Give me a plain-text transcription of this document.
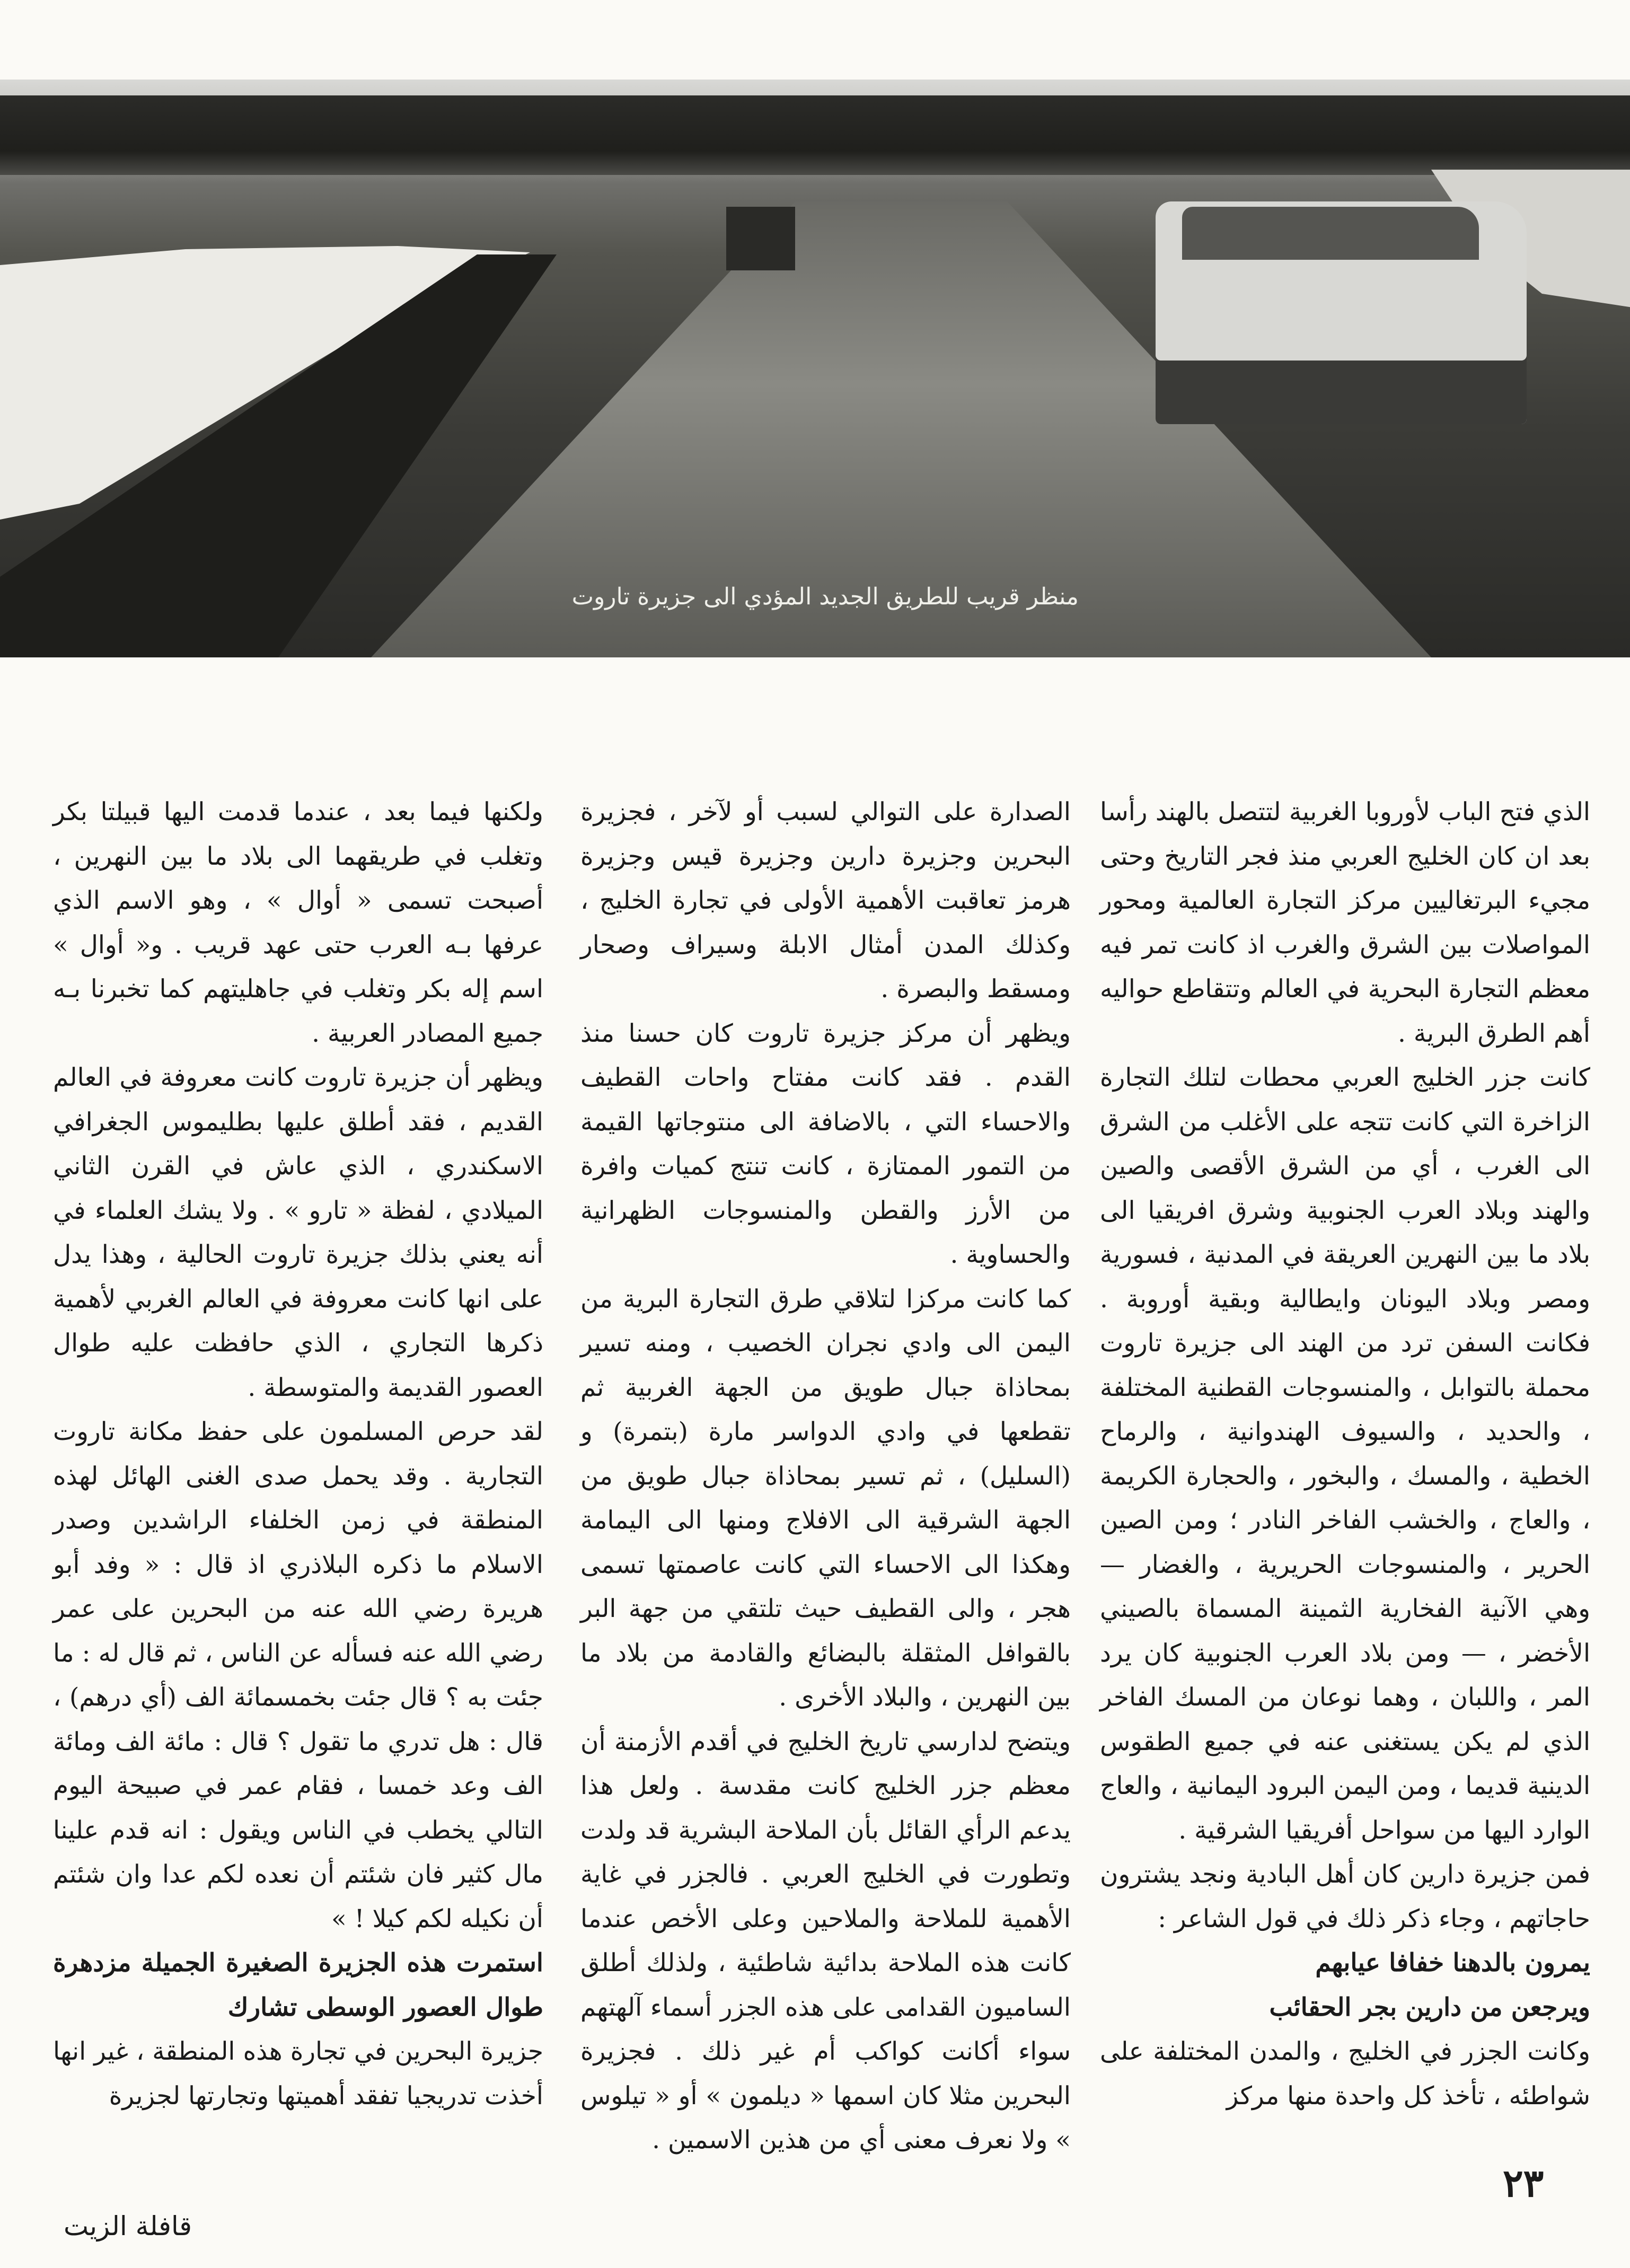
منظر قريب للطريق الجديد المؤدي الى جزيرة تاروت

الذي فتح الباب لأوروبا الغربية لتتصل بالهند رأسا بعد ان كان الخليج العربي منذ فجر التاريخ وحتى مجيء البرتغاليين مركز التجارة العالمية ومحور المواصلات بين الشرق والغرب اذ كانت تمر فيه معظم التجارة البحرية في العالم وتتقاطع حواليه أهم الطرق البرية .

كانت جزر الخليج العربي محطات لتلك التجارة الزاخرة التي كانت تتجه على الأغلب من الشرق الى الغرب ، أي من الشرق الأقصى والصين والهند وبلاد العرب الجنوبية وشرق افريقيا الى بلاد ما بين النهرين العريقة في المدنية ، فسورية ومصر وبلاد اليونان وايطالية وبقية أوروبة . فكانت السفن ترد من الهند الى جزيرة تاروت محملة بالتوابل ، والمنسوجات القطنية المختلفة ، والحديد ، والسيوف الهندوانية ، والرماح الخطية ، والمسك ، والبخور ، والحجارة الكريمة ، والعاج ، والخشب الفاخر النادر ؛ ومن الصين الحرير ، والمنسوجات الحريرية ، والغضار — وهي الآنية الفخارية الثمينة المسماة بالصيني الأخضر ، — ومن بلاد العرب الجنوبية كان يرد المر ، واللبان ، وهما نوعان من المسك الفاخر الذي لم يكن يستغنى عنه في جميع الطقوس الدينية قديما ، ومن اليمن البرود اليمانية ، والعاج الوارد اليها من سواحل أفريقيا الشرقية .

فمن جزيرة دارين كان أهل البادية ونجد يشترون حاجاتهم ، وجاء ذكر ذلك في قول الشاعر :

يمرون بالدهنا خفافا عيابهم

ويرجعن من دارين بجر الحقائب

وكانت الجزر في الخليج ، والمدن المختلفة على شواطئه ، تأخذ كل واحدة منها مركز

الصدارة على التوالي لسبب أو لآخر ، فجزيرة البحرين وجزيرة دارين وجزيرة قيس وجزيرة هرمز تعاقبت الأهمية الأولى في تجارة الخليج ، وكذلك المدن أمثال الابلة وسيراف وصحار ومسقط والبصرة .

ويظهر أن مركز جزيرة تاروت كان حسنا منذ القدم . فقد كانت مفتاح واحات القطيف والاحساء التي ، بالاضافة الى منتوجاتها القيمة من التمور الممتازة ، كانت تنتج كميات وافرة من الأرز والقطن والمنسوجات الظهرانية والحساوية .

كما كانت مركزا لتلاقي طرق التجارة البرية من اليمن الى وادي نجران الخصيب ، ومنه تسير بمحاذاة جبال طويق من الجهة الغربية ثم تقطعها في وادي الدواسر مارة (بتمرة) و (السليل) ، ثم تسير بمحاذاة جبال طويق من الجهة الشرقية الى الافلاج ومنها الى اليمامة وهكذا الى الاحساء التي كانت عاصمتها تسمى هجر ، والى القطيف حيث تلتقي من جهة البر بالقوافل المثقلة بالبضائع والقادمة من بلاد ما بين النهرين ، والبلاد الأخرى .

ويتضح لدارسي تاريخ الخليج في أقدم الأزمنة أن معظم جزر الخليج كانت مقدسة . ولعل هذا يدعم الرأي القائل بأن الملاحة البشرية قد ولدت وتطورت في الخليج العربي . فالجزر في غاية الأهمية للملاحة والملاحين وعلى الأخص عندما كانت هذه الملاحة بدائية شاطئية ، ولذلك أطلق الساميون القدامى على هذه الجزر أسماء آلهتهم سواء أكانت كواكب أم غير ذلك . فجزيرة البحرين مثلا كان اسمها « ديلمون » أو « تيلوس » ولا نعرف معنى أي من هذين الاسمين .

ولكنها فيما بعد ، عندما قدمت اليها قبيلتا بكر وتغلب في طريقهما الى بلاد ما بين النهرين ، أصبحت تسمى « أوال » ، وهو الاسم الذي عرفها بـه العرب حتى عهد قريب . و« أوال » اسم إله بكر وتغلب في جاهليتهم كما تخبرنا بـه جميع المصادر العربية .

ويظهر أن جزيرة تاروت كانت معروفة في العالم القديم ، فقد أطلق عليها بطليموس الجغرافي الاسكندري ، الذي عاش في القرن الثاني الميلادي ، لفظة « تارو » . ولا يشك العلماء في أنه يعني بذلك جزيرة تاروت الحالية ، وهذا يدل على انها كانت معروفة في العالم الغربي لأهمية ذكرها التجاري ، الذي حافظت عليه طوال العصور القديمة والمتوسطة .

لقد حرص المسلمون على حفظ مكانة تاروت التجارية . وقد يحمل صدى الغنى الهائل لهذه المنطقة في زمن الخلفاء الراشدين وصدر الاسلام ما ذكره البلاذري اذ قال : « وفد أبو هريرة رضي الله عنه من البحرين على عمر رضي الله عنه فسأله عن الناس ، ثم قال له : ما جئت به ؟ قال جئت بخمسمائة الف (أي درهم) ، قال : هل تدري ما تقول ؟ قال : مائة الف ومائة الف وعد خمسا ، فقام عمر في صبيحة اليوم التالي يخطب في الناس ويقول : انه قدم علينا مال كثير فان شئتم أن نعده لكم عدا وان شئتم أن نكيله لكم كيلا ! »

استمرت هذه الجزيرة الصغيرة الجميلة مزدهرة طوال العصور الوسطى تشارك

جزيرة البحرين في تجارة هذه المنطقة ، غير انها أخذت تدريجيا تفقد أهميتها وتجارتها لجزيرة

٢٣
قافلة الزيت
